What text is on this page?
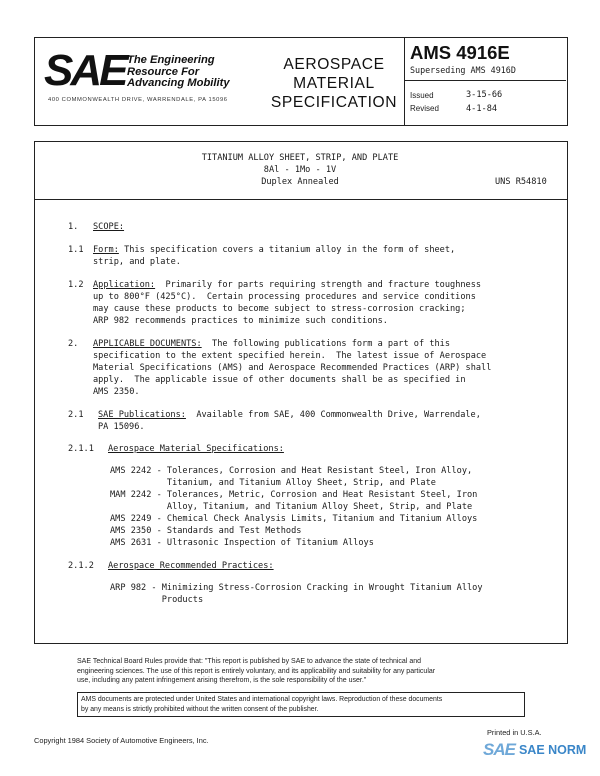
SAE The Engineering
Resource For
Advancing Mobility
400 COMMONWEALTH DRIVE, WARRENDALE, PA 15096
AEROSPACE
MATERIAL
SPECIFICATION
AMS 4916E
Superseding AMS 4916D
Issued	3-15-66
Revised	4-1-84
TITANIUM ALLOY SHEET, STRIP, AND PLATE
8Al - 1Mo - 1V
Duplex Annealed	UNS R54810
1. SCOPE:
1.1 Form: This specification covers a titanium alloy in the form of sheet,
strip, and plate.
1.2 Application: Primarily for parts requiring strength and fracture toughness
up to 800°F (425°C).  Certain processing procedures and service conditions
may cause these products to become subject to stress-corrosion cracking;
ARP 982 recommends practices to minimize such conditions.
2. APPLICABLE DOCUMENTS: The following publications form a part of this
specification to the extent specified herein.  The latest issue of Aerospace
Material Specifications (AMS) and Aerospace Recommended Practices (ARP) shall
apply.  The applicable issue of other documents shall be as specified in
AMS 2350.
2.1 SAE Publications: Available from SAE, 400 Commonwealth Drive, Warrendale,
PA 15096.
2.1.1 Aerospace Material Specifications:
AMS 2242 - Tolerances, Corrosion and Heat Resistant Steel, Iron Alloy,
Titanium, and Titanium Alloy Sheet, Strip, and Plate
MAM 2242 - Tolerances, Metric, Corrosion and Heat Resistant Steel, Iron
Alloy, Titanium, and Titanium Alloy Sheet, Strip, and Plate
AMS 2249 - Chemical Check Analysis Limits, Titanium and Titanium Alloys
AMS 2350 - Standards and Test Methods
AMS 2631 - Ultrasonic Inspection of Titanium Alloys
2.1.2 Aerospace Recommended Practices:
ARP 982 - Minimizing Stress-Corrosion Cracking in Wrought Titanium Alloy
Products
SAE Technical Board Rules provide that: "This report is published by SAE to advance the state of technical and
engineering sciences. The use of this report is entirely voluntary, and its applicability and suitability for any particular
use, including any patent infringement arising therefrom, is the sole responsibility of the user."
AMS documents are protected under United States and international copyright laws. Reproduction of these documents
by any means is strictly prohibited without the written consent of the publisher.
Copyright 1984 Society of Automotive Engineers, Inc.
Printed in U.S.A.
SAE SAE NORM
